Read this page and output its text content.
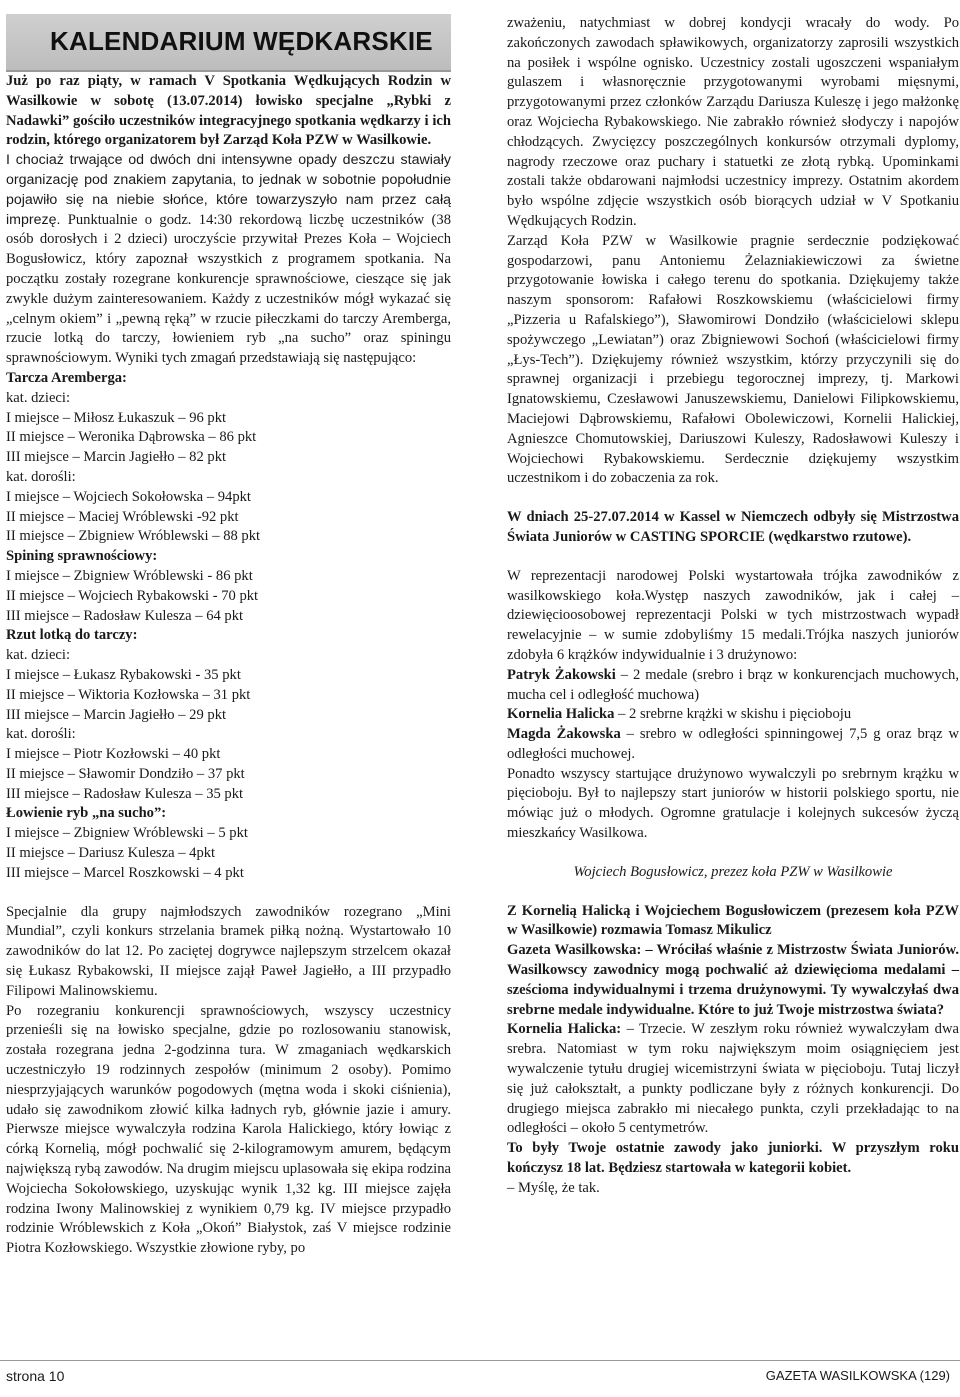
KALENDARIUM WĘDKARSKIE

Już po raz piąty, w ramach V Spotkania Wędkujących Rodzin w Wasilkowie w sobotę (13.07.2014) łowisko specjalne „Rybki z Nadawki” gościło uczestników integracyjnego spotkania wędkarzy i ich rodzin, którego organizatorem był Zarząd Koła PZW w Wasilkowie.

I chociaż trwające od dwóch dni intensywne opady deszczu stawiały organizację pod znakiem zapytania, to jednak w sobotnie popołudnie pojawiło się na niebie słońce, które towarzyszyło nam przez całą imprezę. Punktualnie o godz. 14:30 rekordową liczbę uczestników (38 osób dorosłych i 2 dzieci) uroczyście przywitał Prezes Koła – Wojciech Bogusłowicz, który zapoznał wszystkich z programem spotkania. Na początku zostały rozegrane konkurencje sprawnościowe, cieszące się jak zwykle dużym zainteresowaniem. Każdy z uczestników mógł wykazać się „celnym okiem” i „pewną ręką” w rzucie piłeczkami do tarczy Aremberga, rzucie lotką do tarczy, łowieniem ryb „na sucho” oraz spiningu sprawnościowym. Wyniki tych zmagań przedstawiają się następująco:

Tarcza Aremberga:

kat. dzieci:

I miejsce – Miłosz Łukaszuk – 96 pkt

II miejsce – Weronika Dąbrowska – 86 pkt

III miejsce – Marcin Jagiełło – 82 pkt

kat. dorośli:

I miejsce – Wojciech Sokołowska – 94pkt

II miejsce – Maciej Wróblewski -92 pkt

II miejsce – Zbigniew Wróblewski – 88 pkt

Spining sprawnościowy:

I miejsce – Zbigniew Wróblewski - 86 pkt

II miejsce – Wojciech Rybakowski - 70 pkt

III miejsce – Radosław Kulesza – 64 pkt

Rzut lotką do tarczy:

kat. dzieci:

I miejsce – Łukasz Rybakowski - 35 pkt

II miejsce – Wiktoria Kozłowska – 31 pkt

III miejsce – Marcin Jagiełło – 29 pkt

kat. dorośli:

I miejsce – Piotr Kozłowski – 40 pkt

II miejsce – Sławomir Dondziło – 37 pkt

III miejsce – Radosław Kulesza – 35 pkt

Łowienie ryb „na sucho”:

I miejsce – Zbigniew Wróblewski – 5 pkt

II miejsce – Dariusz Kulesza – 4pkt

III miejsce – Marcel Roszkowski – 4 pkt

Specjalnie dla grupy najmłodszych zawodników rozegrano „Mini Mundial”, czyli konkurs strzelania bramek piłką nożną. Wystartowało 10 zawodników do lat 12. Po zaciętej dogrywce najlepszym strzelcem okazał się Łukasz Rybakowski, II miejsce zajął Paweł Jagiełło, a III przypadło Filipowi Malinowskiemu.

Po rozegraniu konkurencji sprawnościowych, wszyscy uczestnicy przenieśli się na łowisko specjalne, gdzie po rozlosowaniu stanowisk, została rozegrana jedna 2-godzinna tura. W zmaganiach wędkarskich uczestniczyło 19 rodzinnych zespołów (minimum 2 osoby). Pomimo niesprzyjających warunków pogodowych (mętna woda i skoki ciśnienia), udało się zawodnikom złowić kilka ładnych ryb, głównie jazie i amury. Pierwsze miejsce wywalczyła rodzina Karola Halickiego, który łowiąc z córką Kornelią, mógł pochwalić się 2-kilogramowym amurem, będącym największą rybą zawodów. Na drugim miejscu uplasowała się ekipa rodzina Wojciecha Sokołowskiego, uzyskując wynik 1,32 kg. III miejsce zajęła rodzina Iwony Malinowskiej z wynikiem 0,79 kg. IV miejsce przypadło rodzinie Wróblewskich z Koła „Okoń” Białystok, zaś V miejsce rodzinie Piotra Kozłowskiego. Wszystkie złowione ryby, po

zważeniu, natychmiast w dobrej kondycji wracały do wody. Po zakończonych zawodach spławikowych, organizatorzy zaprosili wszystkich na posiłek i wspólne ognisko. Uczestnicy zostali ugoszczeni wspaniałym gulaszem i własnoręcznie przygotowanymi wyrobami mięsnymi, przygotowanymi przez członków Zarządu Dariusza Kuleszę i jego małżonkę oraz Wojciecha Rybakowskiego. Nie zabrakło również słodyczy i napojów chłodzących. Zwycięzcy poszczególnych konkursów otrzymali dyplomy, nagrody rzeczowe oraz puchary i statuetki ze złotą rybką. Upominkami zostali także obdarowani najmłodsi uczestnicy imprezy. Ostatnim akordem było wspólne zdjęcie wszystkich osób biorących udział w V Spotkaniu Wędkujących Rodzin.

Zarząd Koła PZW w Wasilkowie pragnie serdecznie podziękować gospodarzowi, panu Antoniemu Żelazniakiewiczowi za świetne przygotowanie łowiska i całego terenu do spotkania. Dziękujemy także naszym sponsorom: Rafałowi Roszkowskiemu (właścicielowi firmy „Pizzeria u Rafalskiego”), Sławomirowi Dondziło (właścicielowi sklepu spożywczego „Lewiatan”) oraz Zbigniewowi Sochoń (właścicielowi firmy „Łys-Tech”). Dziękujemy również wszystkim, którzy przyczynili się do sprawnej organizacji i przebiegu tegorocznej imprezy, tj. Markowi Ignatowskiemu, Czesławowi Januszewskiemu, Danielowi Filipkowskiemu, Maciejowi Dąbrowskiemu, Rafałowi Obolewiczowi, Kornelii Halickiej, Agnieszce Chomutowskiej, Dariuszowi Kuleszy, Radosławowi Kuleszy i Wojciechowi Rybakowskiemu. Serdecznie dziękujemy wszystkim uczestnikom i do zobaczenia za rok.

W dniach 25-27.07.2014 w Kassel w Niemczech odbyły się Mistrzostwa Świata Juniorów w CASTING SPORCIE (wędkarstwo rzutowe).

W reprezentacji narodowej Polski wystartowała trójka zawodników z wasilkowskiego koła.Występ naszych zawodników, jak i całej – dziewięcioosobowej reprezentacji Polski w tych mistrzostwach wypadł rewelacyjnie – w sumie zdobyliśmy 15 medali.Trójka naszych juniorów zdobyła 6 krążków indywidualnie i 3 drużynowo:

Patryk Żakowski – 2 medale (srebro i brąz w konkurencjach muchowych, mucha cel i odległość muchowa)

Kornelia Halicka – 2 srebrne krążki w skishu i pięcioboju

Magda Żakowska – srebro w odległości spinningowej 7,5 g oraz brąz w odległości muchowej.

Ponadto wszyscy startujące drużynowo wywalczyli po srebrnym krążku w pięcioboju. Był to najlepszy start juniorów w historii polskiego sportu, nie mówiąc już o młodych. Ogromne gratulacje i kolejnych sukcesów życzą mieszkańcy Wasilkowa.

Wojciech Bogusłowicz, prezez koła PZW w Wasilkowie

Z Kornelią Halicką i Wojciechem Bogusłowiczem (prezesem koła PZW w Wasilkowie) rozmawia Tomasz Mikulicz

Gazeta Wasilkowska: – Wróciłaś właśnie z Mistrzostw Świata Juniorów. Wasilkowscy zawodnicy mogą pochwalić aż dziewięcioma medalami – sześcioma indywidualnymi i trzema drużynowymi. Ty wywalczyłaś dwa srebrne medale indywidualne. Które to już Twoje mistrzostwa świata?

Kornelia Halicka: – Trzecie. W zeszłym roku również wywalczyłam dwa srebra. Natomiast w tym roku największym moim osiągnięciem jest wywalczenie tytułu drugiej wicemistrzyni świata w pięcioboju. Tutaj liczył się już całokształt, a punkty podliczane były z różnych konkurencji. Do drugiego miejsca zabrakło mi niecałego punkta, czyli przekładając to na odległości – około 5 centymetrów.

To były Twoje ostatnie zawody jako juniorki. W przyszłym roku kończysz 18 lat. Będziesz startowała w kategorii kobiet.

– Myślę, że tak.

strona 10	GAZETA WASILKOWSKA (129)
